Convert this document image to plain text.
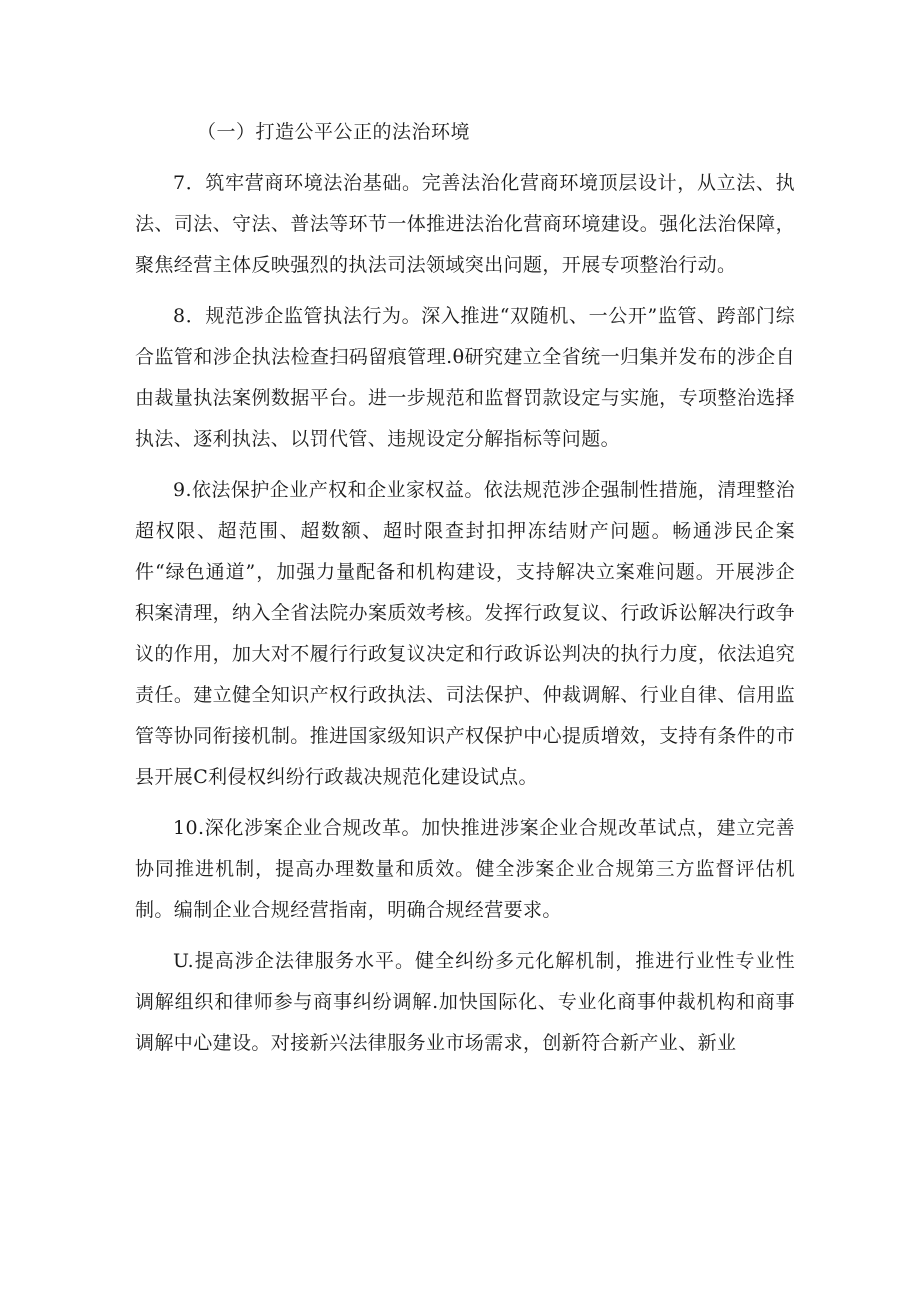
（一）打造公平公正的法治环境

7．筑牢营商环境法治基础。完善法治化营商环境顶层设计，从立法、执法、司法、守法、普法等环节一体推进法治化营商环境建设。强化法治保障，聚焦经营主体反映强烈的执法司法领域突出问题，开展专项整治行动。

8．规范涉企监管执法行为。深入推进“双随机、一公开”监管、跨部门综合监管和涉企执法检查扫码留痕管理.θ研究建立全省统一归集并发布的涉企自由裁量执法案例数据平台。进一步规范和监督罚款设定与实施，专项整治选择执法、逐利执法、以罚代管、违规设定分解指标等问题。

9.依法保护企业产权和企业家权益。依法规范涉企强制性措施，清理整治超权限、超范围、超数额、超时限查封扣押冻结财产问题。畅通涉民企案件“绿色通道”，加强力量配备和机构建设，支持解决立案难问题。开展涉企积案清理，纳入全省法院办案质效考核。发挥行政复议、行政诉讼解决行政争议的作用，加大对不履行行政复议决定和行政诉讼判决的执行力度，依法追究责任。建立健全知识产权行政执法、司法保护、仲裁调解、行业自律、信用监管等协同衔接机制。推进国家级知识产权保护中心提质增效，支持有条件的市县开展C利侵权纠纷行政裁决规范化建设试点。

10.深化涉案企业合规改革。加快推进涉案企业合规改革试点，建立完善协同推进机制，提高办理数量和质效。健全涉案企业合规第三方监督评估机制。编制企业合规经营指南，明确合规经营要求。

U.提高涉企法律服务水平。健全纠纷多元化解机制，推进行业性专业性调解组织和律师参与商事纠纷调解.加快国际化、专业化商事仲裁机构和商事调解中心建设。对接新兴法律服务业市场需求，创新符合新产业、新业
